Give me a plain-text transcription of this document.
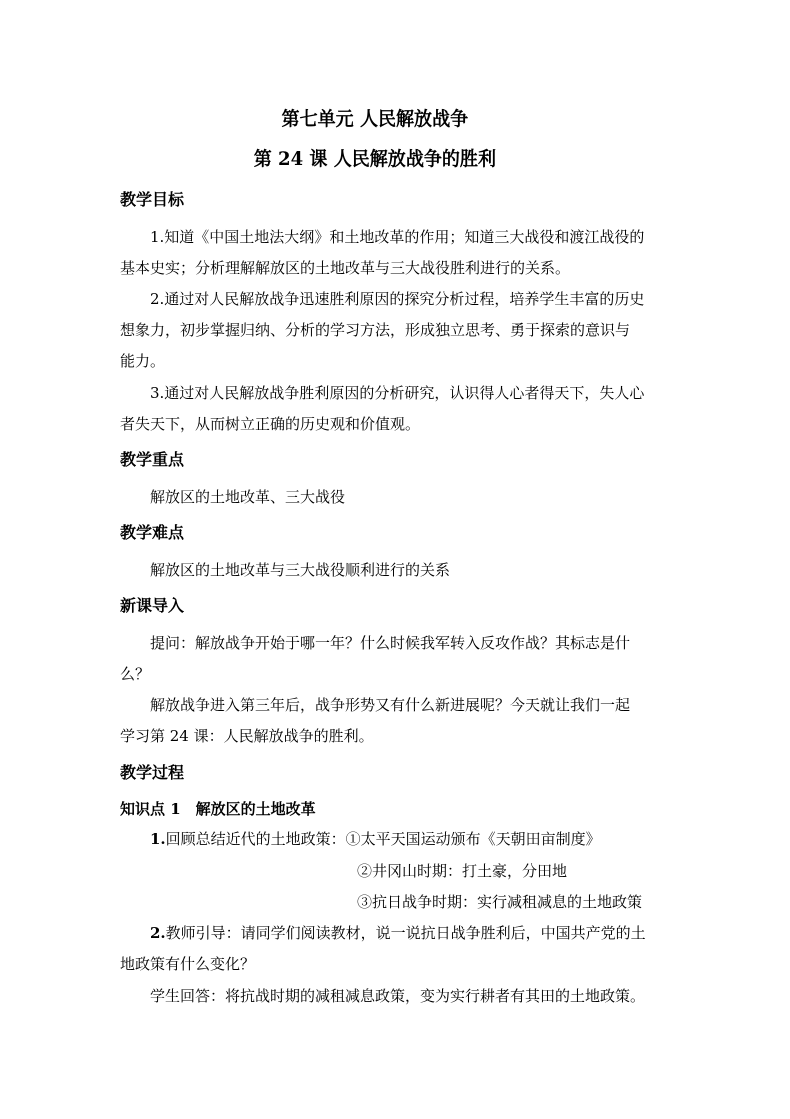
第七单元 人民解放战争
第 24 课 人民解放战争的胜利
教学目标
1.知道《中国土地法大纲》和土地改革的作用；知道三大战役和渡江战役的
基本史实；分析理解解放区的土地改革与三大战役胜利进行的关系。
2.通过对人民解放战争迅速胜利原因的探究分析过程，培养学生丰富的历史
想象力，初步掌握归纳、分析的学习方法，形成独立思考、勇于探索的意识与
能力。
3.通过对人民解放战争胜利原因的分析研究，认识得人心者得天下，失人心
者失天下，从而树立正确的历史观和价值观。
教学重点
解放区的土地改革、三大战役
教学难点
解放区的土地改革与三大战役顺利进行的关系
新课导入
提问：解放战争开始于哪一年？什么时候我军转入反攻作战？其标志是什
么？
解放战争进入第三年后，战争形势又有什么新进展呢？今天就让我们一起
学习第 24 课：人民解放战争的胜利。
教学过程
知识点 1　解放区的土地改革
1.回顾总结近代的土地政策：①太平天国运动颁布《天朝田亩制度》
②井冈山时期：打土豪，分田地
③抗日战争时期：实行减租减息的土地政策
2.教师引导：请同学们阅读教材，说一说抗日战争胜利后，中国共产党的土
地政策有什么变化？
学生回答：将抗战时期的减租减息政策，变为实行耕者有其田的土地政策。
